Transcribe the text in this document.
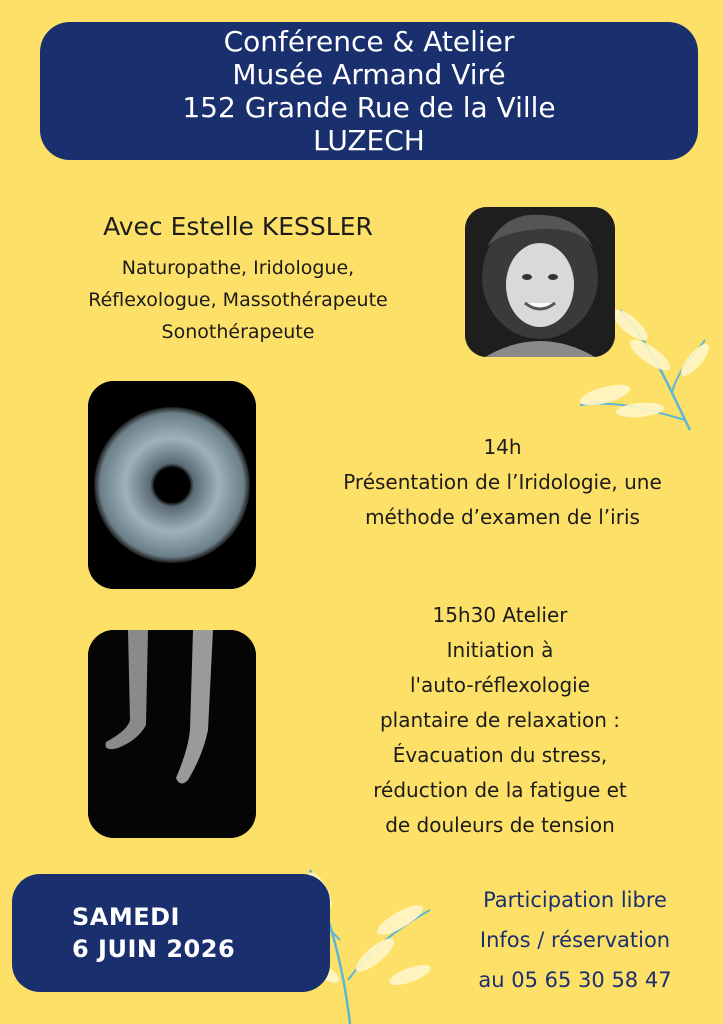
Conférence & Atelier
Musée Armand Viré
152 Grande Rue de la Ville
LUZECH
Avec Estelle KESSLER
Naturopathe, Iridologue,
Réflexologue, Massothérapeute
Sonothérapeute
14h
Présentation de l’Iridologie, une
méthode d’examen de l’iris
15h30 Atelier
Initiation à
l'auto-réflexologie
plantaire de relaxation :
Évacuation du stress,
réduction de la fatigue et
de douleurs de tension
SAMEDI
6 JUIN 2026
Participation libre
Infos / réservation
au 05 65 30 58 47
